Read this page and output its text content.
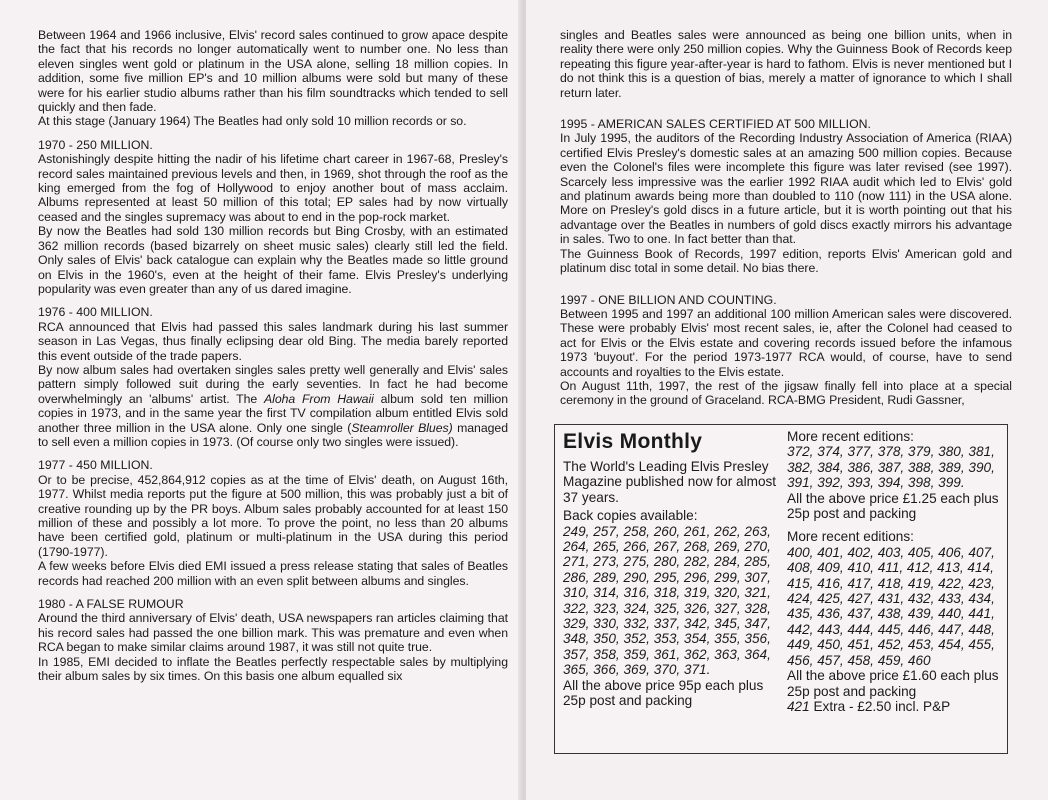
Between 1964 and 1966 inclusive, Elvis' record sales continued to grow apace despite the fact that his records no longer automatically went to number one. No less than eleven singles went gold or platinum in the USA alone, selling 18 million copies. In addition, some five million EP's and 10 million albums were sold but many of these were for his earlier studio albums rather than his film soundtracks which tended to sell quickly and then fade.

At this stage (January 1964) The Beatles had only sold 10 million records or so.

1970 - 250 MILLION.

Astonishingly despite hitting the nadir of his lifetime chart career in 1967-68, Presley's record sales maintained previous levels and then, in 1969, shot through the roof as the king emerged from the fog of Hollywood to enjoy another bout of mass acclaim. Albums represented at least 50 million of this total; EP sales had by now virtually ceased and the singles supremacy was about to end in the pop-rock market.

By now the Beatles had sold 130 million records but Bing Crosby, with an estimated 362 million records (based bizarrely on sheet music sales) clearly still led the field. Only sales of Elvis' back catalogue can explain why the Beatles made so little ground on Elvis in the 1960's, even at the height of their fame. Elvis Presley's underlying popularity was even greater than any of us dared imagine.

1976 - 400 MILLION.

RCA announced that Elvis had passed this sales landmark during his last summer season in Las Vegas, thus finally eclipsing dear old Bing. The media barely reported this event outside of the trade papers.

By now album sales had overtaken singles sales pretty well generally and Elvis' sales pattern simply followed suit during the early seventies. In fact he had become overwhelmingly an 'albums' artist. The Aloha From Hawaii album sold ten million copies in 1973, and in the same year the first TV compilation album entitled Elvis sold another three million in the USA alone. Only one single (Steamroller Blues) managed to sell even a million copies in 1973. (Of course only two singles were issued).

1977 - 450 MILLION.

Or to be precise, 452,864,912 copies as at the time of Elvis' death, on August 16th, 1977. Whilst media reports put the figure at 500 million, this was probably just a bit of creative rounding up by the PR boys. Album sales probably accounted for at least 150 million of these and possibly a lot more. To prove the point, no less than 20 albums have been certified gold, platinum or multi-platinum in the USA during this period (1790-1977).

A few weeks before Elvis died EMI issued a press release stating that sales of Beatles records had reached 200 million with an even split between albums and singles.

1980 - A FALSE RUMOUR

Around the third anniversary of Elvis' death, USA newspapers ran articles claiming that his record sales had passed the one billion mark. This was premature and even when RCA began to make similar claims around 1987, it was still not quite true.

In 1985, EMI decided to inflate the Beatles perfectly respectable sales by multiplying their album sales by six times. On this basis one album equalled six

singles and Beatles sales were announced as being one billion units, when in reality there were only 250 million copies. Why the Guinness Book of Records keep repeating this figure year-after-year is hard to fathom. Elvis is never mentioned but I do not think this is a question of bias, merely a matter of ignorance to which I shall return later.

1995 - AMERICAN SALES CERTIFIED AT 500 MILLION.

In July 1995, the auditors of the Recording Industry Association of America (RIAA) certified Elvis Presley's domestic sales at an amazing 500 million copies. Because even the Colonel's files were incomplete this figure was later revised (see 1997). Scarcely less impressive was the earlier 1992 RIAA audit which led to Elvis' gold and platinum awards being more than doubled to 110 (now 111) in the USA alone. More on Presley's gold discs in a future article, but it is worth pointing out that his advantage over the Beatles in numbers of gold discs exactly mirrors his advantage in sales. Two to one. In fact better than that.

The Guinness Book of Records, 1997 edition, reports Elvis' American gold and platinum disc total in some detail. No bias there.

1997 - ONE BILLION AND COUNTING.

Between 1995 and 1997 an additional 100 million American sales were discovered. These were probably Elvis' most recent sales, ie, after the Colonel had ceased to act for Elvis or the Elvis estate and covering records issued before the infamous 1973 'buyout'. For the period 1973-1977 RCA would, of course, have to send accounts and royalties to the Elvis estate.

On August 11th, 1997, the rest of the jigsaw finally fell into place at a special ceremony in the ground of Graceland. RCA-BMG President, Rudi Gassner,

Elvis Monthly

The World's Leading Elvis Presley Magazine published now for almost 37 years.

Back copies available:

249, 257, 258, 260, 261, 262, 263, 264, 265, 266, 267, 268, 269, 270, 271, 273, 275, 280, 282, 284, 285, 286, 289, 290, 295, 296, 299, 307, 310, 314, 316, 318, 319, 320, 321, 322, 323, 324, 325, 326, 327, 328, 329, 330, 332, 337, 342, 345, 347, 348, 350, 352, 353, 354, 355, 356, 357, 358, 359, 361, 362, 363, 364, 365, 366, 369, 370, 371.

All the above price 95p each plus 25p post and packing

More recent editions:

372, 374, 377, 378, 379, 380, 381, 382, 384, 386, 387, 388, 389, 390, 391, 392, 393, 394, 398, 399.

All the above price £1.25 each plus 25p post and packing

More recent editions:

400, 401, 402, 403, 405, 406, 407, 408, 409, 410, 411, 412, 413, 414, 415, 416, 417, 418, 419, 422, 423, 424, 425, 427, 431, 432, 433, 434, 435, 436, 437, 438, 439, 440, 441, 442, 443, 444, 445, 446, 447, 448, 449, 450, 451, 452, 453, 454, 455, 456, 457, 458, 459, 460

All the above price £1.60 each plus 25p post and packing

421 Extra - £2.50 incl. P&P
